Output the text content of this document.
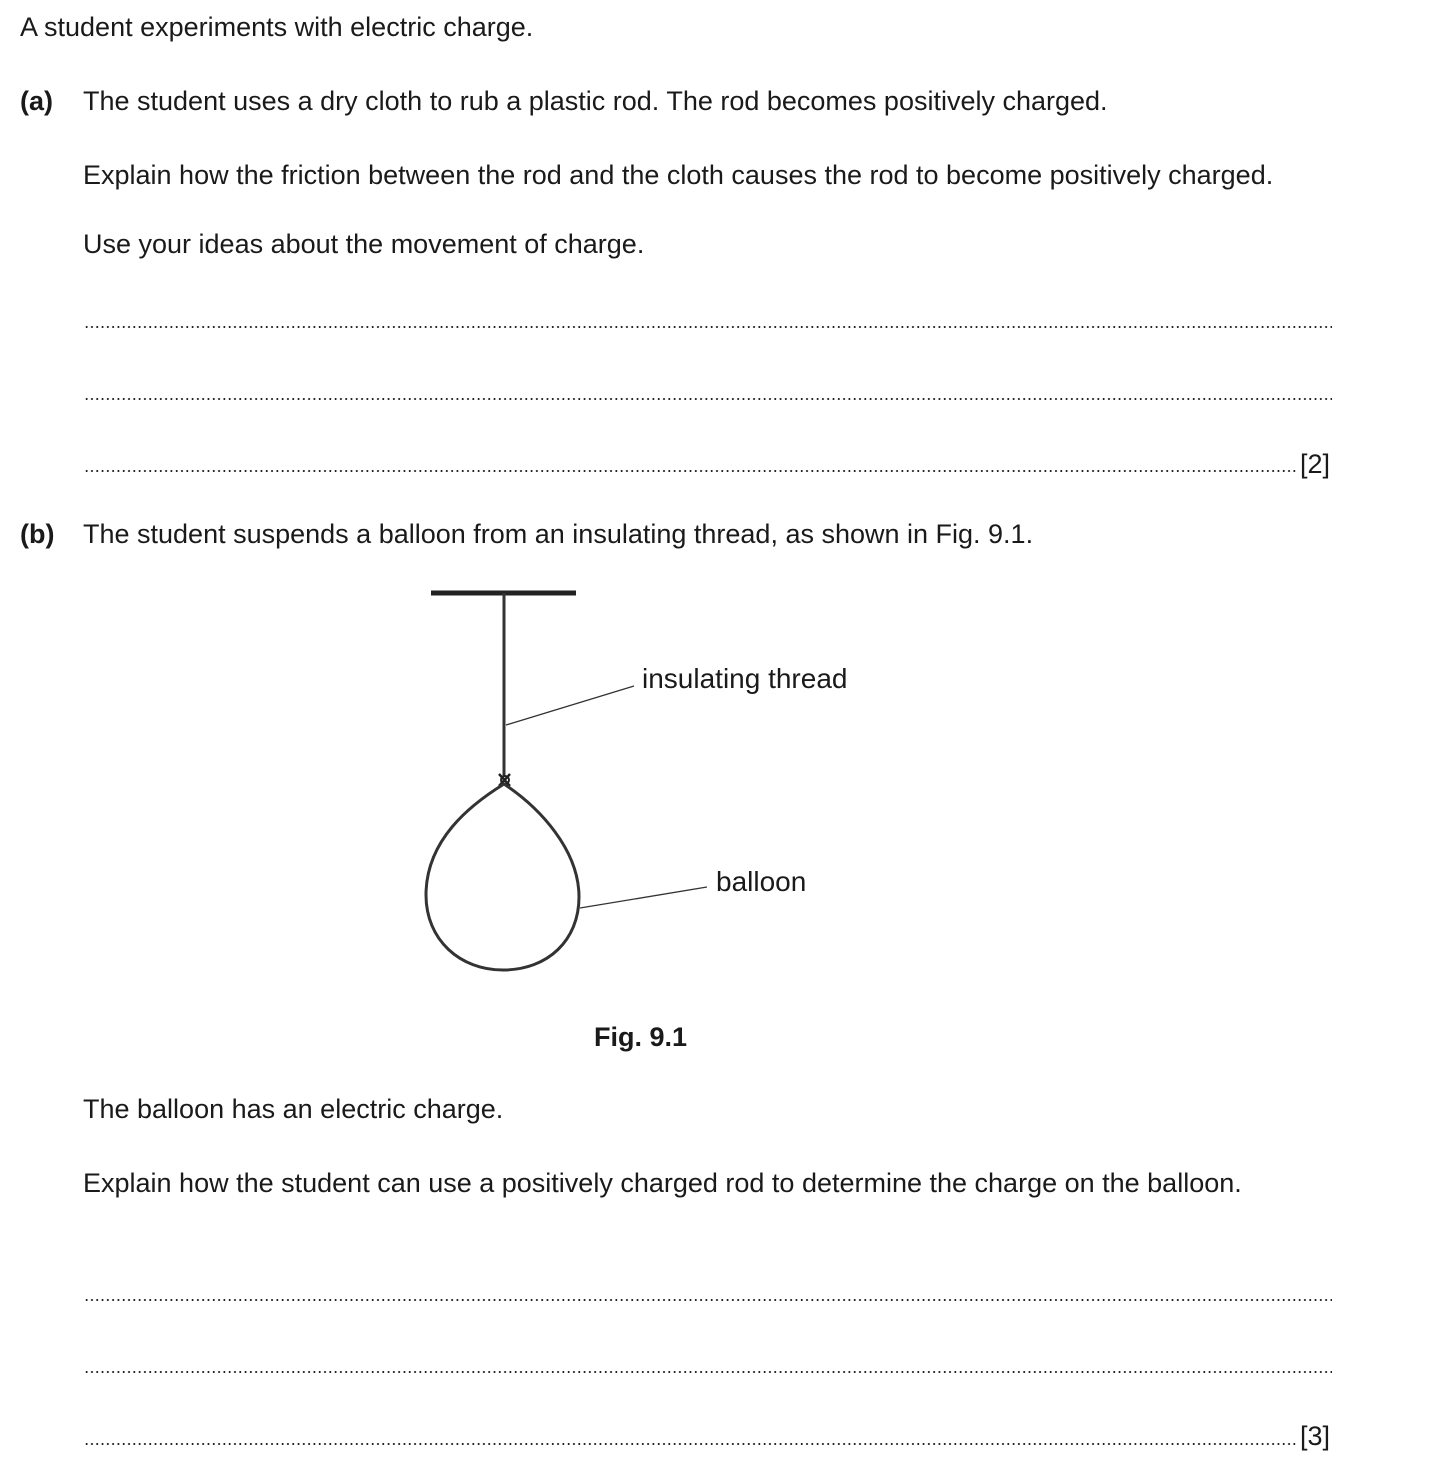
A student experiments with electric charge.
(a) The student uses a dry cloth to rub a plastic rod. The rod becomes positively charged.
Explain how the friction between the rod and the cloth causes the rod to become positively charged.
Use your ideas about the movement of charge.
[2]
(b) The student suspends a balloon from an insulating thread, as shown in Fig. 9.1.
insulating thread
balloon
Fig. 9.1
The balloon has an electric charge.
Explain how the student can use a positively charged rod to determine the charge on the balloon.
[3]
